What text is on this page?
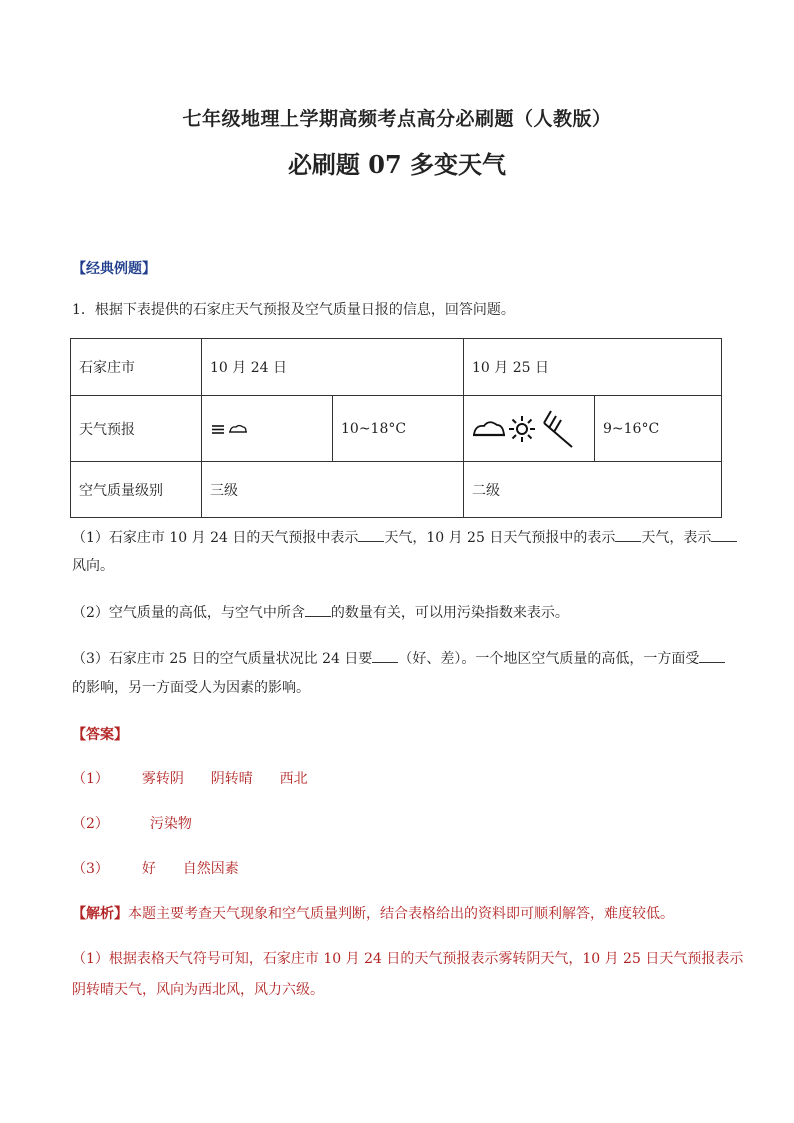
七年级地理上学期高频考点高分必刷题（人教版）
必刷题 07 多变天气
【经典例题】
1．根据下表提供的石家庄天气预报及空气质量日报的信息，回答问题。
石家庄市	10 月 24 日		10 月 25 日	
天气预报		10~18°C		9~16°C
空气质量级别	三级		二级	
（1）石家庄市 10 月 24 日的天气预报中表示 天气，10 月 25 日天气预报中的表示 天气，表示
风向。
（2）空气质量的高低，与空气中所含 的数量有关，可以用污染指数来表示。
（3）石家庄市 25 日的空气质量状况比 24 日要 （好、差）。一个地区空气质量的高低，一方面受
的影响，另一方面受人为因素的影响。
【答案】
（1） 雾转阴 阴转晴 西北
（2）	污染物
（3） 好 自然因素
【解析】本题主要考查天气现象和空气质量判断，结合表格给出的资料即可顺利解答，难度较低。
（1）根据表格天气符号可知，石家庄市 10 月 24 日的天气预报表示雾转阴天气，10 月 25 日天气预报表示
阴转晴天气，风向为西北风，风力六级。
